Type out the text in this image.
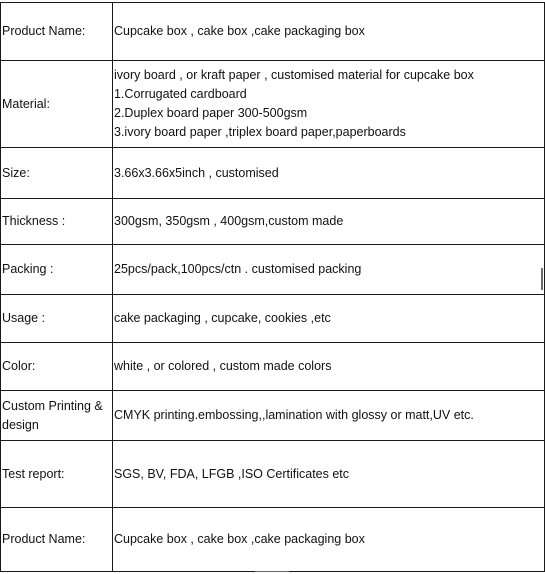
Product Name:	Cupcake box , cake box ,cake packaging box

Material:	ivory board , or kraft paper , customised material for cupcake box
1.Corrugated cardboard
2.Duplex board paper 300-500gsm
3.ivory board paper ,triplex board paper,paperboards

Size:	3.66x3.66x5inch , customised

Thickness :	300gsm, 350gsm , 400gsm,custom made

Packing :	25pcs/pack,100pcs/ctn . customised packing

Usage :	cake packaging , cupcake, cookies ,etc

Color:	white , or colored , custom made colors

Custom Printing & design	CMYK printing.embossing,,lamination with glossy or matt,UV etc.

Test report:	SGS, BV, FDA, LFGB ,ISO Certificates etc

Product Name:	Cupcake box , cake box ,cake packaging box
